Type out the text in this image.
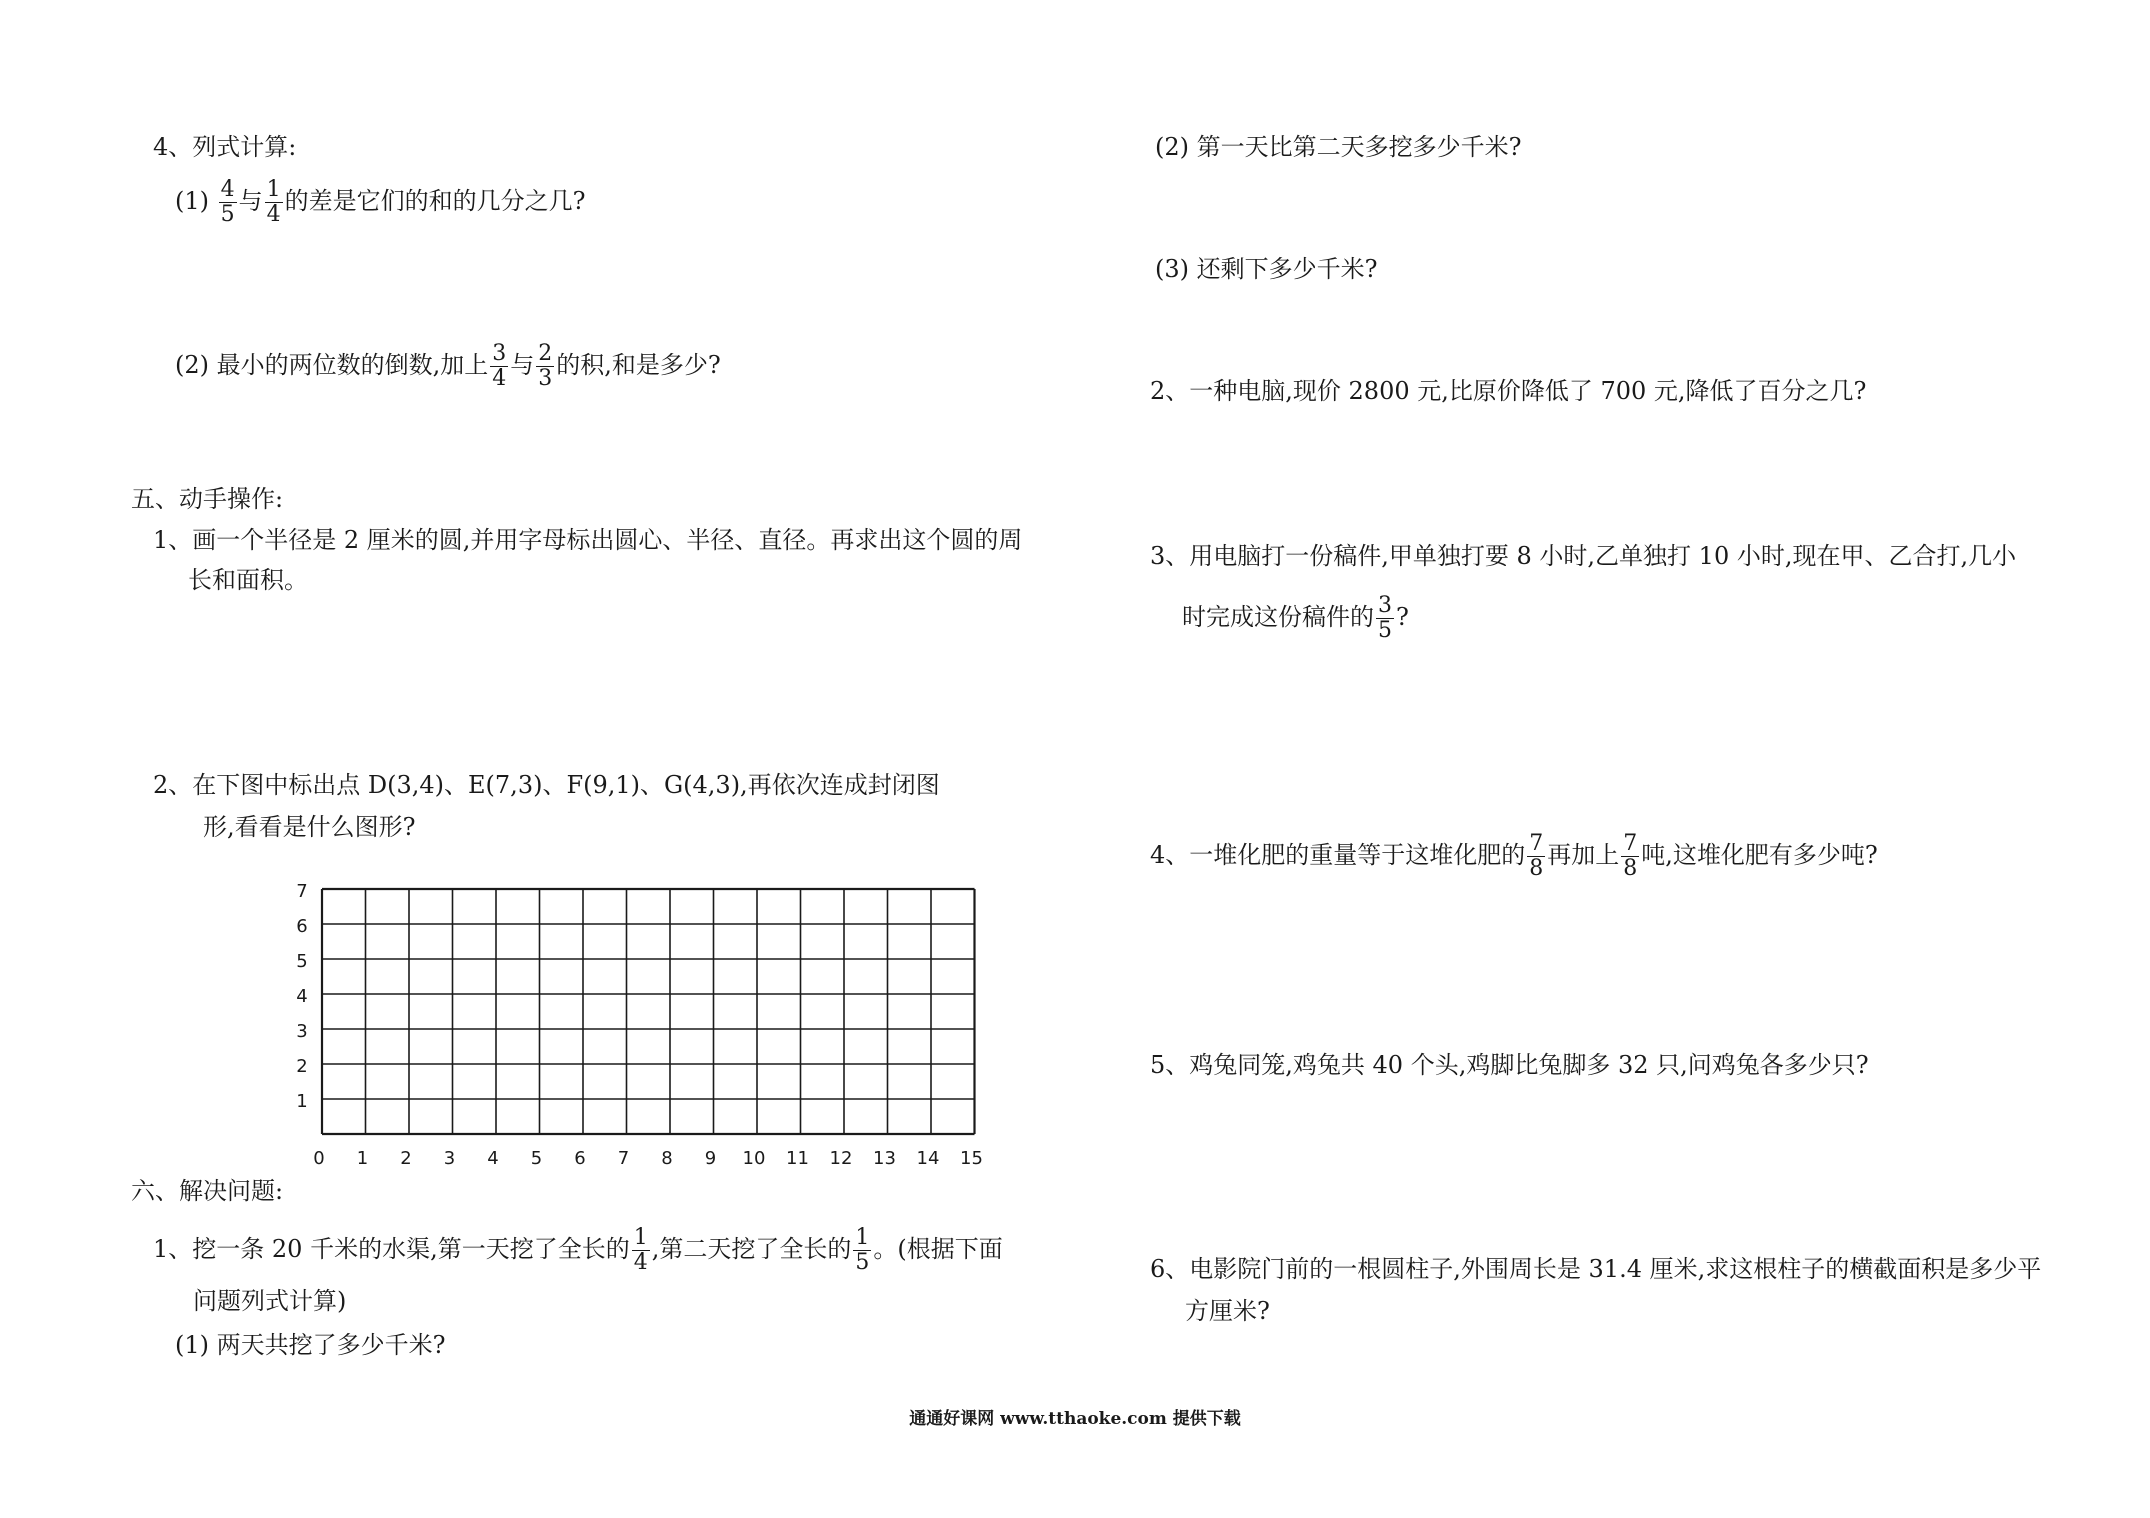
4、列式计算:
$(1) \frac{4}{5}$ 与 $\frac{1}{4}$ 的差是它们的和的几分之几?
(2) 最小的两位数的倒数,加上 $\frac{3}{4}$ 与 $\frac{2}{3}$ 的积,和是多少?
五、动手操作:
1、画一个半径是 2 厘米的圆,并用字母标出圆心、半径、直径。再求出这个圆的周
长和面积。
2、在下图中标出点 D(3,4)、E(7,3)、F(9,1)、G(4,3),再依次连成封闭图
形,看看是什么图形?
0 1 2 3 4 5 6 7 8 9 10 11 12 13 14 15
1
2
3
4
5
6
7
六、解决问题:
1、挖一条 20 千米的水渠,第一天挖了全长的 $\frac{1}{4}$ ,第二天挖了全长的 $\frac{1}{5}$ 。(根据下面
问题列式计算)
(1) 两天共挖了多少千米?
(2) 第一天比第二天多挖多少千米?
(3) 还剩下多少千米?
2、一种电脑,现价 2800 元,比原价降低了 700 元,降低了百分之几?
3、用电脑打一份稿件,甲单独打要 8 小时,乙单独打 10 小时,现在甲、乙合打,几小
时完成这份稿件的 $\frac{3}{5}$ ?
4、一堆化肥的重量等于这堆化肥的 $\frac{7}{8}$ 再加上 $\frac{7}{8}$ 吨,这堆化肥有多少吨?
5、鸡兔同笼,鸡兔共 40 个头,鸡脚比兔脚多 32 只,问鸡兔各多少只?
6、电影院门前的一根圆柱子,外围周长是 31.4 厘米,求这根柱子的横截面积是多少平
方厘米?
通通好课网 www.tthaoke.com 提供下载
